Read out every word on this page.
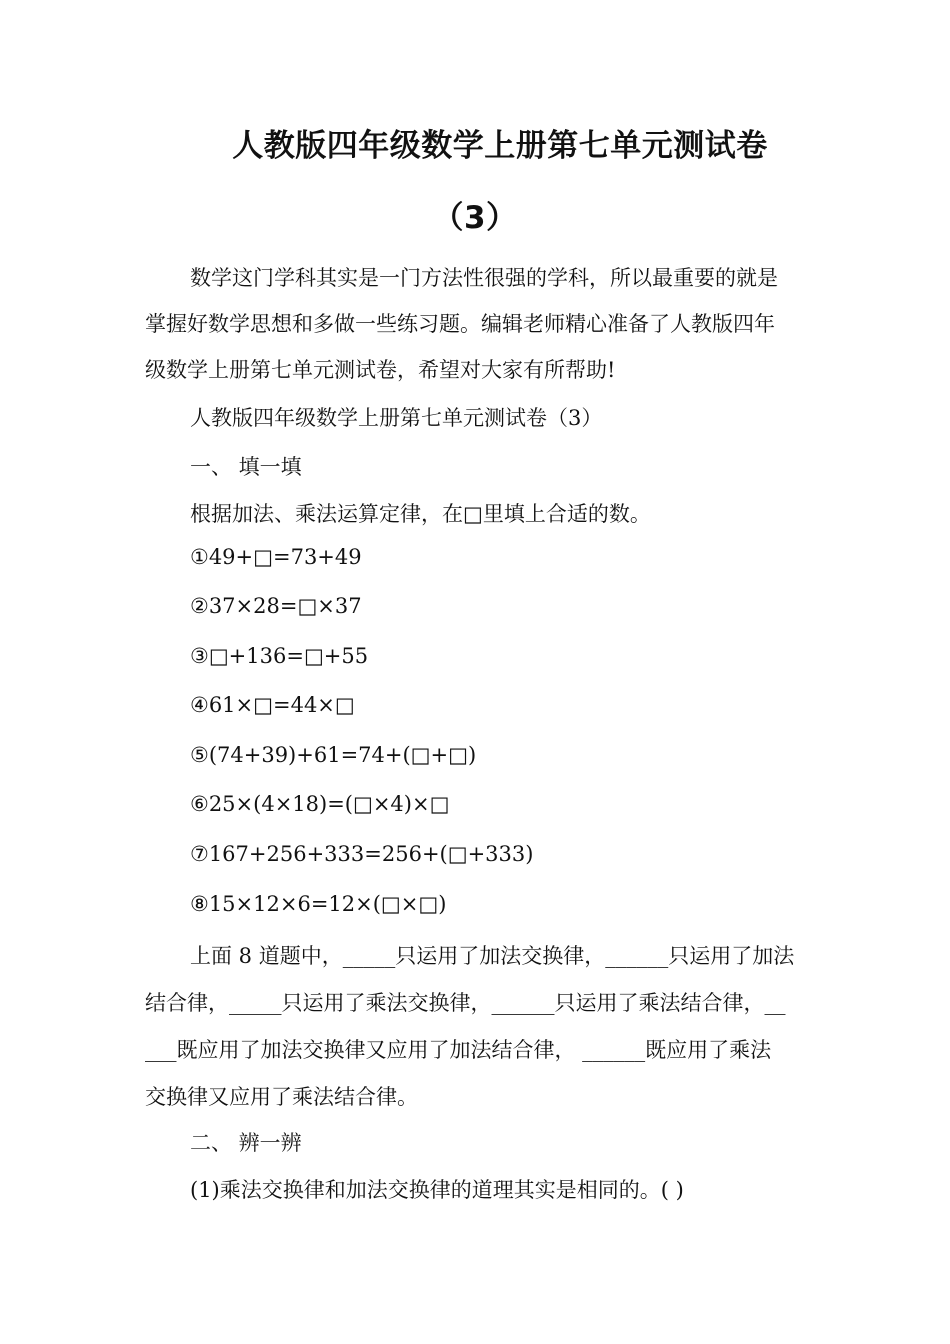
人教版四年级数学上册第七单元测试卷
（3）
数学这门学科其实是一门方法性很强的学科，所以最重要的就是
掌握好数学思想和多做一些练习题。编辑老师精心准备了人教版四年
级数学上册第七单元测试卷，希望对大家有所帮助!
人教版四年级数学上册第七单元测试卷（3）
一、 填一填
根据加法、乘法运算定律，在□里填上合适的数。
①49+□=73+49
②37×28=□×37
③□+136=□+55
④61×□=44×□
⑤(74+39)+61=74+(□+□)
⑥25×(4×18)=(□×4)×□
⑦167+256+333=256+(□+333)
⑧15×12×6=12×(□×□)
上面 8 道题中，_____只运用了加法交换律，______只运用了加法
结合律，_____只运用了乘法交换律，______只运用了乘法结合律，__
___既应用了加法交换律又应用了加法结合律， ______既应用了乘法
交换律又应用了乘法结合律。
二、 辨一辨
(1)乘法交换律和加法交换律的道理其实是相同的。( )
